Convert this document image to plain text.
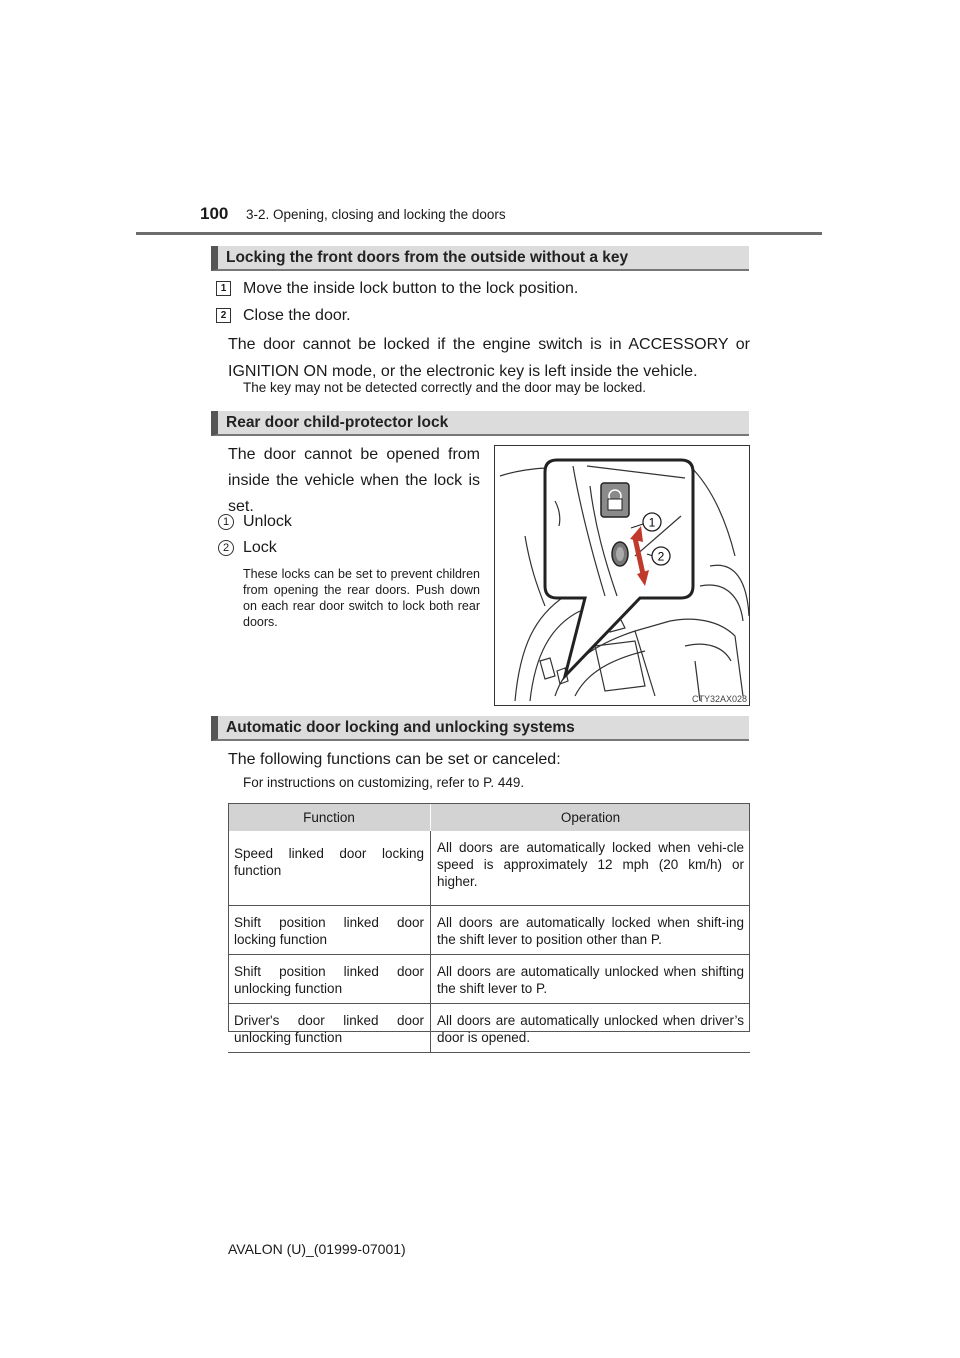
100 3-2. Opening, closing and locking the doors
Locking the front doors from the outside without a key
1 Move the inside lock button to the lock position.
2 Close the door.
The door cannot be locked if the engine switch is in ACCESSORY or IGNITION ON mode, or the electronic key is left inside the vehicle.
The key may not be detected correctly and the door may be locked.
Rear door child-protector lock
The door cannot be opened from inside the vehicle when the lock is set.
1 Unlock
2 Lock
These locks can be set to prevent children from opening the rear doors. Push down on each rear door switch to lock both rear doors.
1
2
CTY32AX028
Automatic door locking and unlocking systems
The following functions can be set or canceled:
For instructions on customizing, refer to P. 449.
Function	Operation
Speed linked door locking function	All doors are automatically locked when vehi-cle speed is approximately 12 mph (20 km/h) or higher.
Shift position linked door locking function	All doors are automatically locked when shift-ing the shift lever to position other than P.
Shift position linked door unlocking function	All doors are automatically unlocked when shifting the shift lever to P.
Driver's door linked door unlocking function	All doors are automatically unlocked when driver’s door is opened.
AVALON (U)_(01999-07001)
